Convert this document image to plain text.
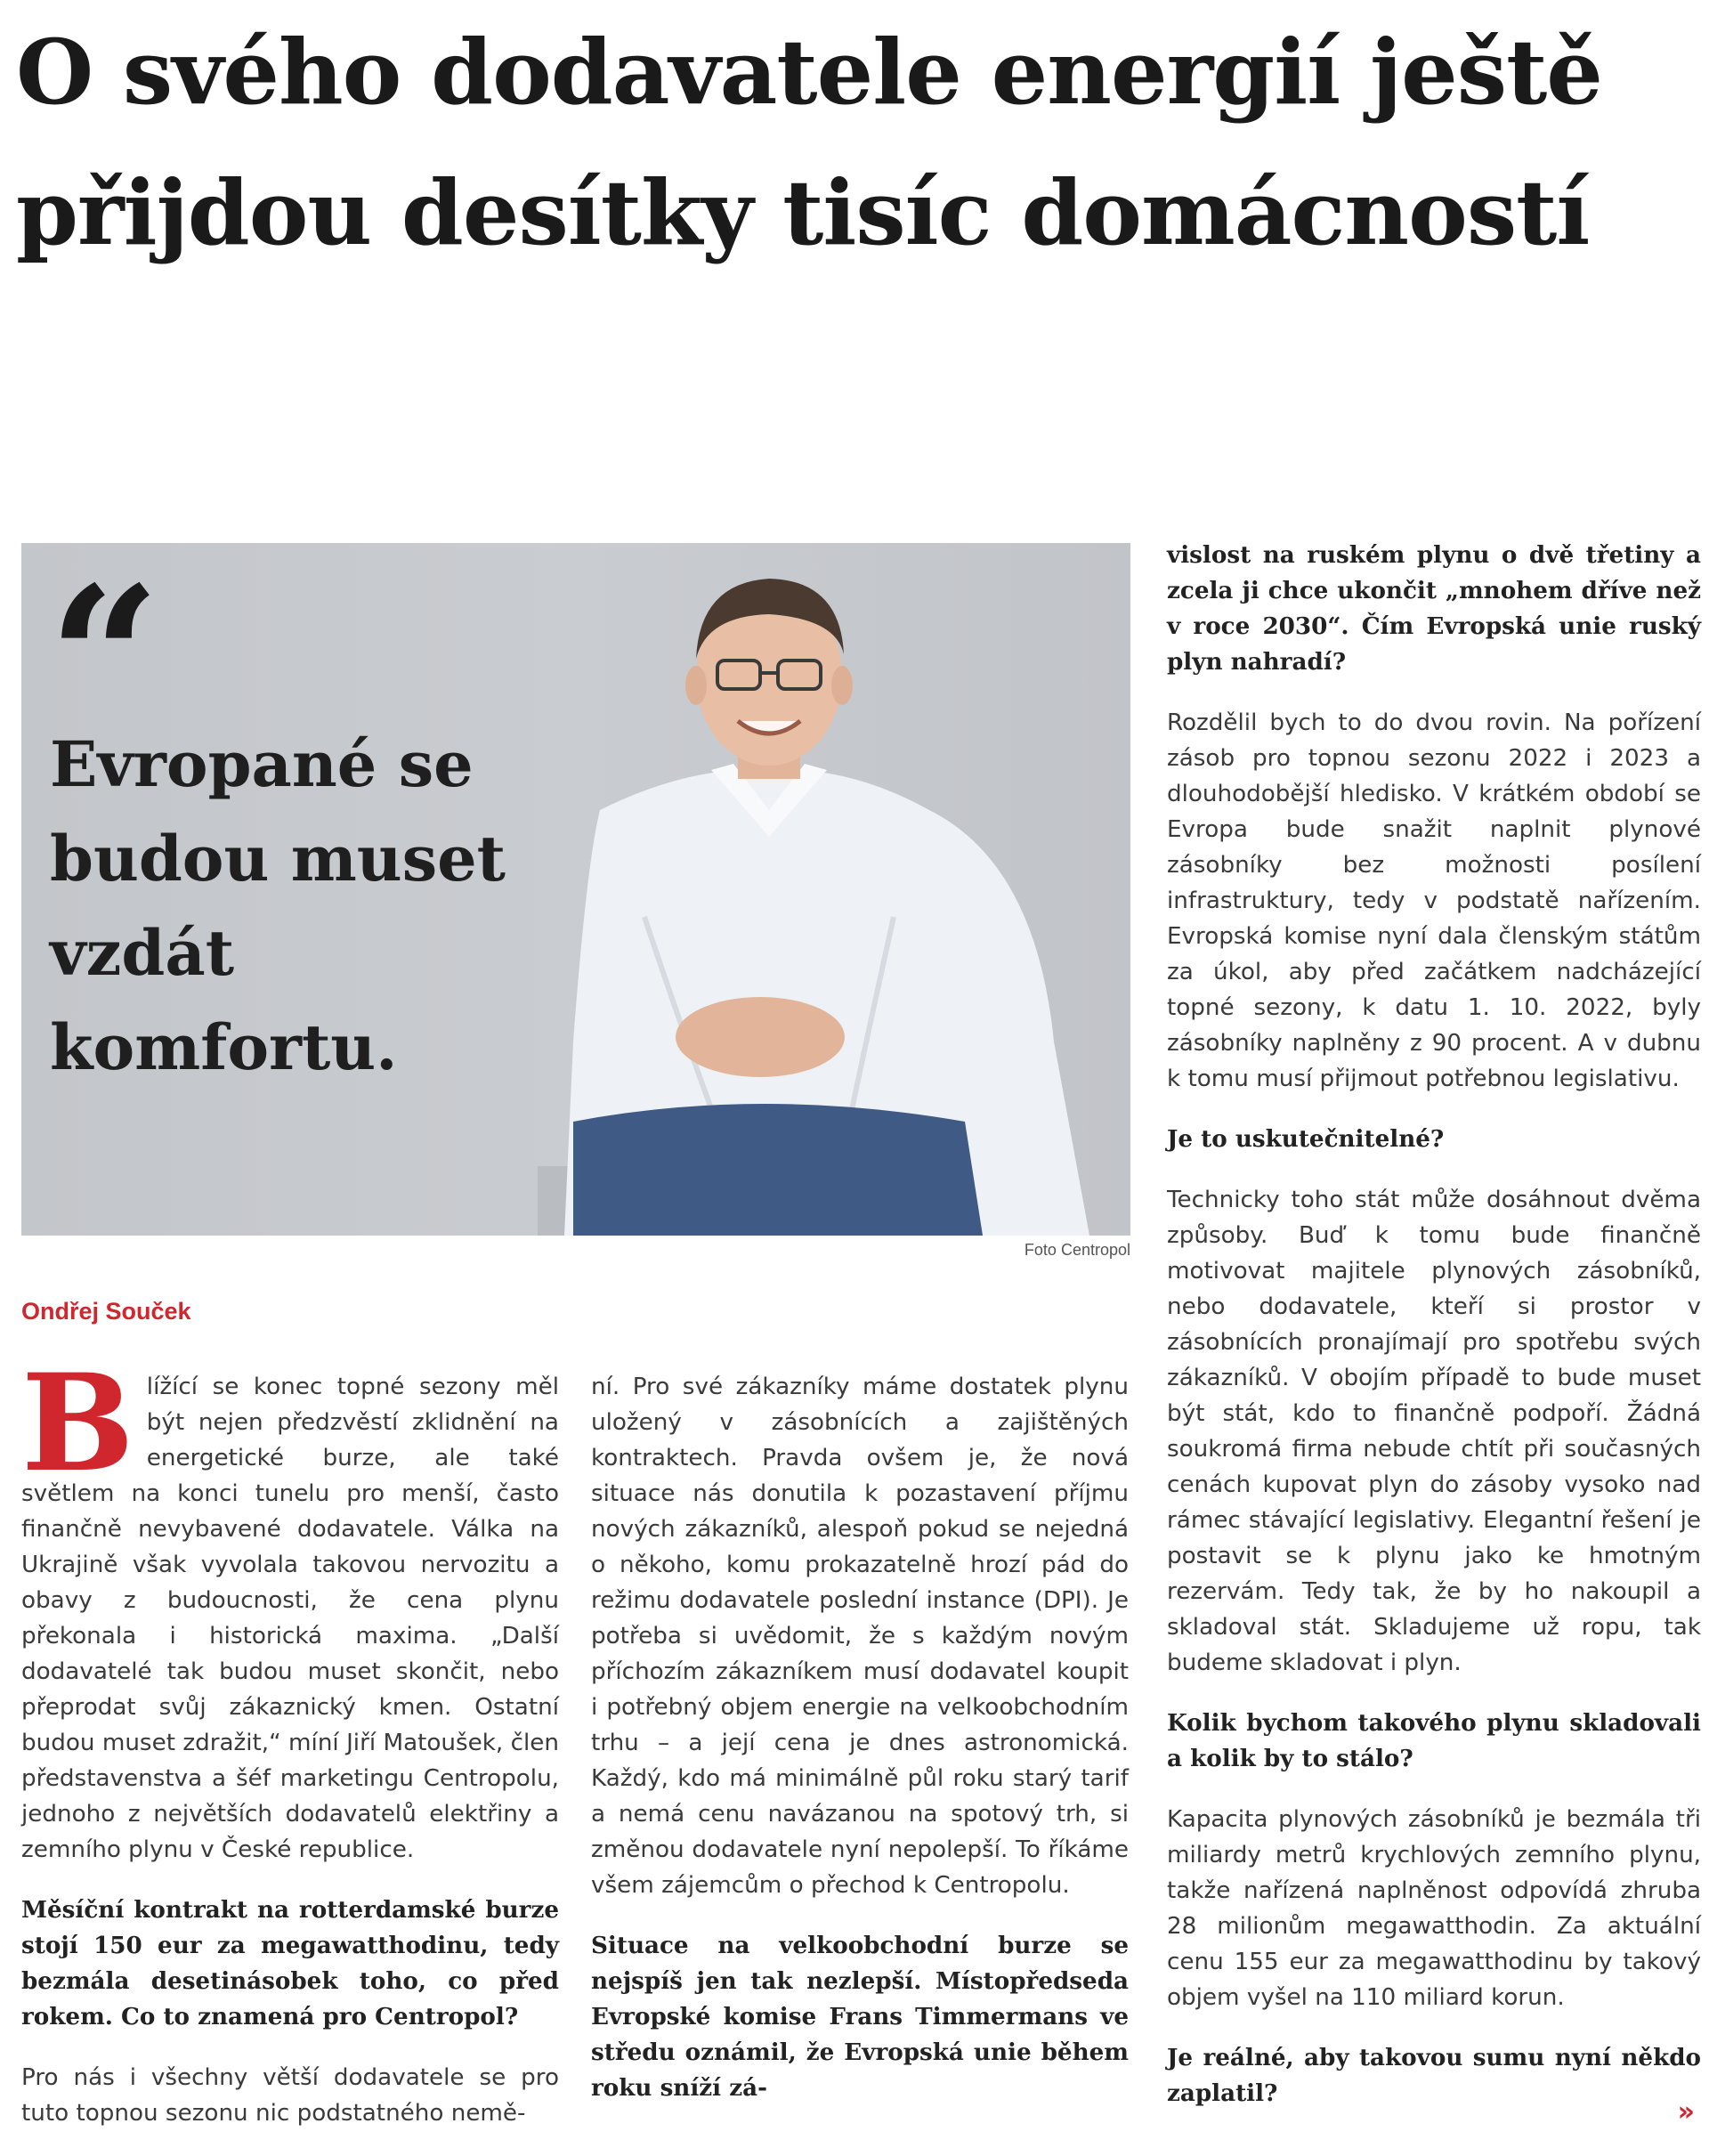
O svého dodavatele energií ještě přijdou desítky tisíc domácností
“

Evropané se budou muset vzdát komfortu.

Foto Centropol
Ondřej Souček

Blížící se konec topné sezony měl být nejen předzvěstí zklidnění na energetické burze, ale také světlem na konci tunelu pro menší, často finančně nevybavené dodavatele. Válka na Ukrajině však vyvolala takovou nervozitu a obavy z budoucnosti, že cena plynu překonala i historická maxima. „Další dodavatelé tak budou muset skončit, nebo přeprodat svůj zákaznický kmen. Ostatní budou muset zdražit,“ míní Jiří Matoušek, člen představenstva a šéf marketingu Centropolu, jednoho z největších dodavatelů elektřiny a zemního plynu v České republice.

Měsíční kontrakt na rotterdamské burze stojí 150 eur za megawatthodinu, tedy bezmála desetinásobek toho, co před rokem. Co to znamená pro Centropol?

Pro nás i všechny větší dodavatele se pro tuto topnou sezonu nic podstatného nemě-

ní. Pro své zákazníky máme dostatek plynu uložený v zásobnících a zajištěných kontraktech. Pravda ovšem je, že nová situace nás donutila k pozastavení příjmu nových zákazníků, alespoň pokud se nejedná o někoho, komu prokazatelně hrozí pád do režimu dodavatele poslední instance (DPI). Je potřeba si uvědomit, že s každým novým příchozím zákazníkem musí dodavatel koupit i potřebný objem energie na velkoobchodním trhu – a její cena je dnes astronomická. Každý, kdo má minimálně půl roku starý tarif a nemá cenu navázanou na spotový trh, si změnou dodavatele nyní nepolepší. To říkáme všem zájemcům o přechod k Centropolu.

Situace na velkoobchodní burze se nejspíš jen tak nezlepší. Místopředseda Evropské komise Frans Timmermans ve středu oznámil, že Evropská unie během roku sníží zá-

vislost na ruském plynu o dvě třetiny a zcela ji chce ukončit „mnohem dříve než v roce 2030“. Čím Evropská unie ruský plyn nahradí?

Rozdělil bych to do dvou rovin. Na pořízení zásob pro topnou sezonu 2022 i 2023 a dlouhodobější hledisko. V krátkém období se Evropa bude snažit naplnit plynové zásobníky bez možnosti posílení infrastruktury, tedy v podstatě nařízením. Evropská komise nyní dala členským státům za úkol, aby před začátkem nadcházející topné sezony, k datu 1. 10. 2022, byly zásobníky naplněny z 90 procent. A v dubnu k tomu musí přijmout potřebnou legislativu.

Je to uskutečnitelné?

Technicky toho stát může dosáhnout dvěma způsoby. Buď k tomu bude finančně motivovat majitele plynových zásobníků, nebo dodavatele, kteří si prostor v zásobnících pronajímají pro spotřebu svých zákazníků. V obojím případě to bude muset být stát, kdo to finančně podpoří. Žádná soukromá firma nebude chtít při současných cenách kupovat plyn do zásoby vysoko nad rámec stávající legislativy. Elegantní řešení je postavit se k plynu jako ke hmotným rezervám. Tedy tak, že by ho nakoupil a skladoval stát. Skladujeme už ropu, tak budeme skladovat i plyn.

Kolik bychom takového plynu skladovali a kolik by to stálo?

Kapacita plynových zásobníků je bezmála tři miliardy metrů krychlových zemního plynu, takže nařízená naplněnost odpovídá zhruba 28 milionům megawatthodin. Za aktuální cenu 155 eur za megawatthodinu by takový objem vyšel na 110 miliard korun.

Je reálné, aby takovou sumu nyní někdo zaplatil?

»
